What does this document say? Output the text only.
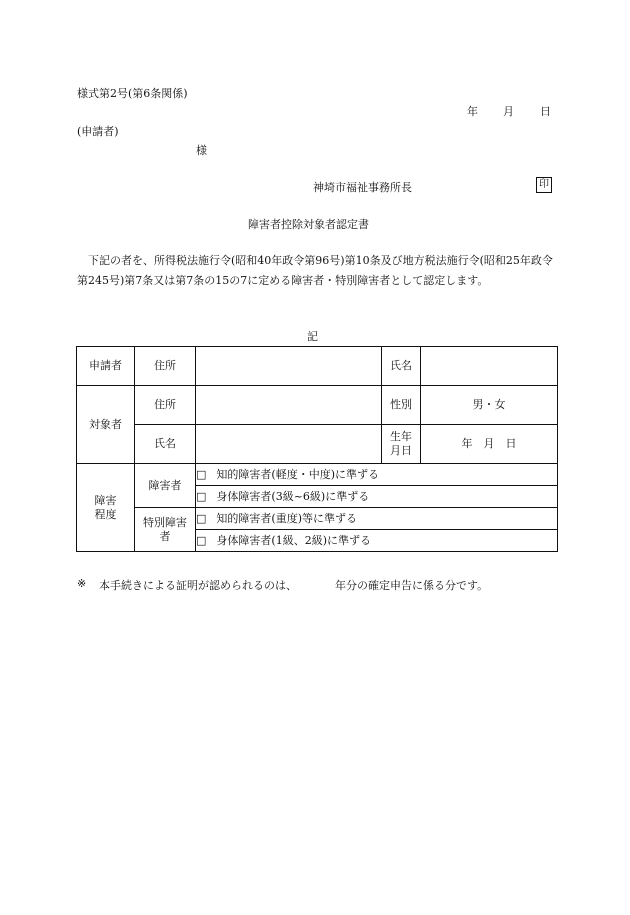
様式第2号(第6条関係)
年 月 日
(申請者)
様
神埼市福祉事務所長	印
障害者控除対象者認定書
下記の者を、所得税法施行令(昭和40年政令第96号)第10条及び地方税法施行令(昭和25年政令第245号)第7条又は第7条の15の7に定める障害者・特別障害者として認定します。
記
申請者	住所		氏名	
対象者	住所		性別	男・女
	氏名		生年月日	年　月　日
障害程度	障害者	□ 知的障害者(軽度・中度)に準ずる		
		□ 身体障害者(3級~6級)に準ずる		
	特別障害者	□ 知的障害者(重度)等に準ずる		
		□ 身体障害者(1級、2級)に準ずる		
※ 本手続きによる証明が認められるのは、	年分の確定申告に係る分です。
